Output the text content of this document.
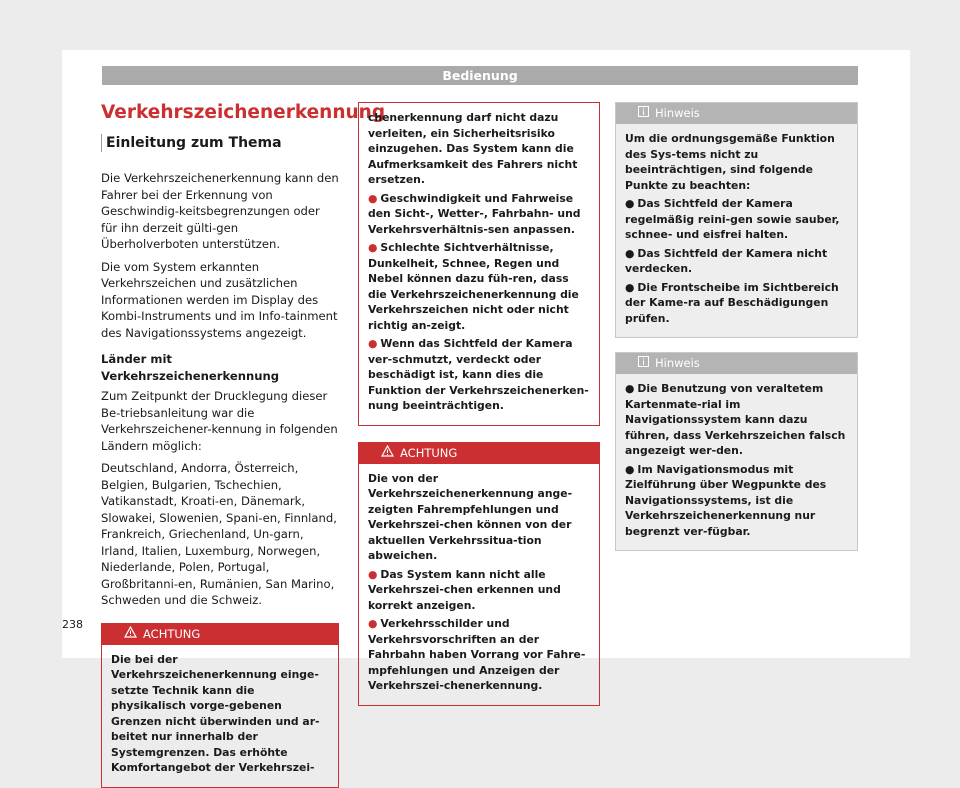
Bedienung
Verkehrszeichenerkennung
Einleitung zum Thema

Die Verkehrszeichenerkennung kann den Fahrer bei der Erkennung von Geschwindig-keitsbegrenzungen oder für ihn derzeit gülti-gen Überholverboten unterstützen.

Die vom System erkannten Verkehrszeichen und zusätzlichen Informationen werden im Display des Kombi-Instruments und im Info-tainment des Navigationssystems angezeigt.

Länder mit Verkehrszeichenerkennung

Zum Zeitpunkt der Drucklegung dieser Be-triebsanleitung war die Verkehrszeichener-kennung in folgenden Ländern möglich:

Deutschland, Andorra, Österreich, Belgien, Bulgarien, Tschechien, Vatikanstadt, Kroati-en, Dänemark, Slowakei, Slowenien, Spani-en, Finnland, Frankreich, Griechenland, Un-garn, Irland, Italien, Luxemburg, Norwegen, Niederlande, Polen, Portugal, Großbritanni-en, Rumänien, San Marino, Schweden und die Schweiz.

ACHTUNG

Die bei der Verkehrszeichenerkennung einge-setzte Technik kann die physikalisch vorge-gebenen Grenzen nicht überwinden und ar-beitet nur innerhalb der Systemgrenzen. Das erhöhte Komfortangebot der Verkehrszei-

chenerkennung darf nicht dazu verleiten, ein Sicherheitsrisiko einzugehen. Das System kann die Aufmerksamkeit des Fahrers nicht ersetzen.

● Geschwindigkeit und Fahrweise den Sicht-, Wetter-, Fahrbahn- und Verkehrsverhältnis-sen anpassen.

● Schlechte Sichtverhältnisse, Dunkelheit, Schnee, Regen und Nebel können dazu füh-ren, dass die Verkehrszeichenerkennung die Verkehrszeichen nicht oder nicht richtig an-zeigt.

● Wenn das Sichtfeld der Kamera ver-schmutzt, verdeckt oder beschädigt ist, kann dies die Funktion der Verkehrszeichenerken-nung beeinträchtigen.

ACHTUNG

Die von der Verkehrszeichenerkennung ange-zeigten Fahrempfehlungen und Verkehrszei-chen können von der aktuellen Verkehrssitua-tion abweichen.

● Das System kann nicht alle Verkehrszei-chen erkennen und korrekt anzeigen.

● Verkehrsschilder und Verkehrsvorschriften an der Fahrbahn haben Vorrang vor Fahre-mpfehlungen und Anzeigen der Verkehrszei-chenerkennung.

Hinweis

Um die ordnungsgemäße Funktion des Sys-tems nicht zu beeinträchtigen, sind folgende Punkte zu beachten:

● Das Sichtfeld der Kamera regelmäßig reini-gen sowie sauber, schnee- und eisfrei halten.

● Das Sichtfeld der Kamera nicht verdecken.

● Die Frontscheibe im Sichtbereich der Kame-ra auf Beschädigungen prüfen.

Hinweis

● Die Benutzung von veraltetem Kartenmate-rial im Navigationssystem kann dazu führen, dass Verkehrszeichen falsch angezeigt wer-den.

● Im Navigationsmodus mit Zielführung über Wegpunkte des Navigationssystems, ist die Verkehrszeichenerkennung nur begrenzt ver-fügbar.

238
